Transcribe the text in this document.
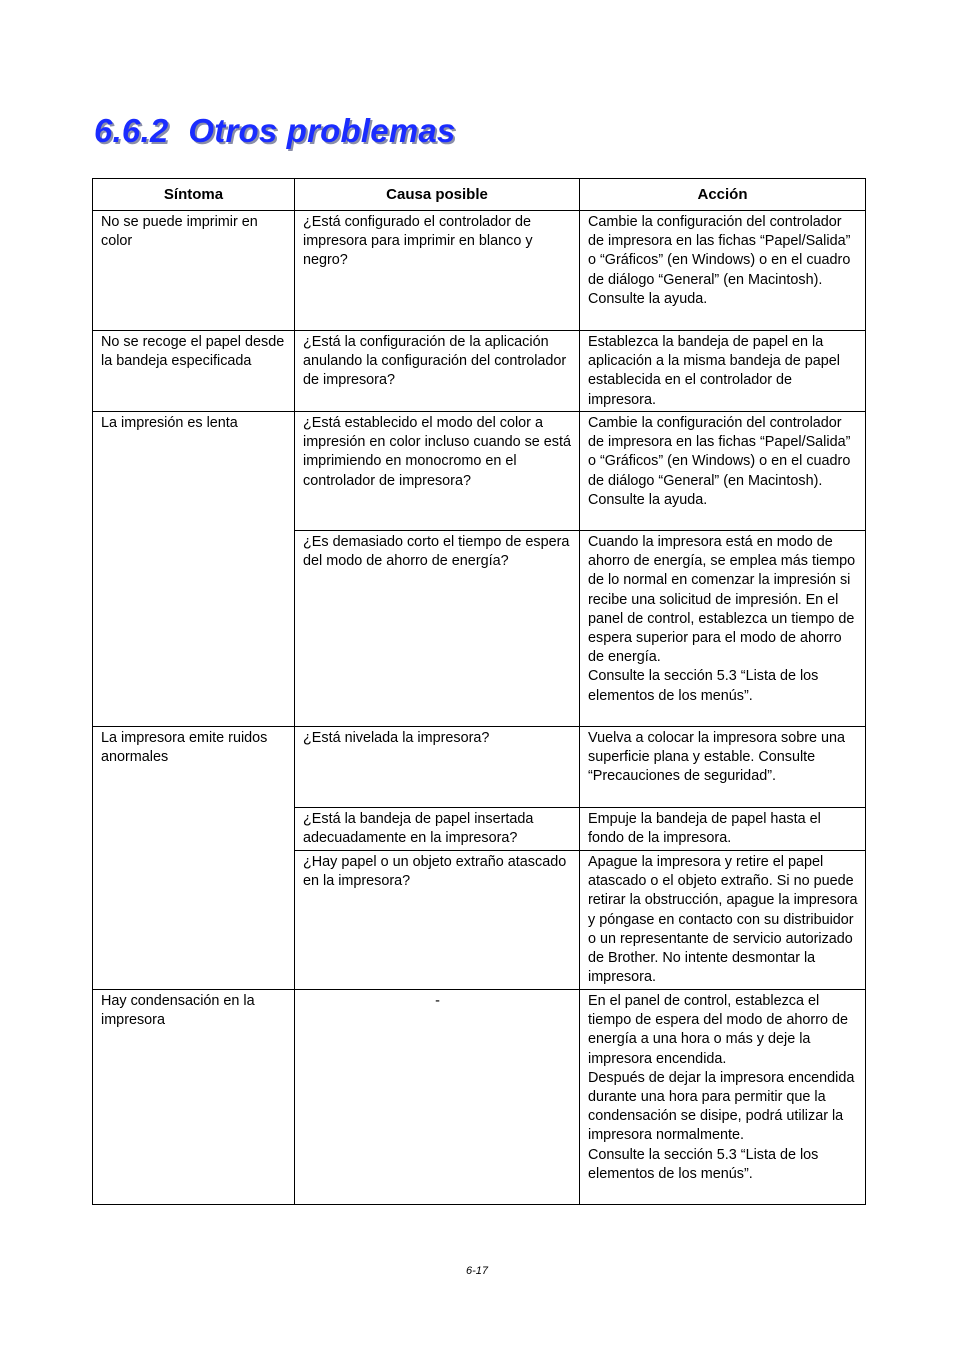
6.6.2 Otros problemas
Síntoma	Causa posible	Acción
No se puede imprimir en color	¿Está configurado el controlador de impresora para imprimir en blanco y negro?	Cambie la configuración del controlador de impresora en las fichas “Papel/Salida” o “Gráficos” (en Windows) o en el cuadro de diálogo “General” (en Macintosh).
Consulte la ayuda.

No se recoge el papel desde la bandeja especificada	¿Está la configuración de la aplicación anulando la configuración del controlador de impresora?	Establezca la bandeja de papel en la aplicación a la misma bandeja de papel establecida en el controlador de impresora.

La impresión es lenta	¿Está establecido el modo del color a impresión en color incluso cuando se está imprimiendo en monocromo en el controlador de impresora?	Cambie la configuración del controlador de impresora en las fichas “Papel/Salida” o “Gráficos” (en Windows) o en el cuadro de diálogo “General” (en Macintosh).
Consulte la ayuda.

	¿Es demasiado corto el tiempo de espera del modo de ahorro de energía?	Cuando la impresora está en modo de ahorro de energía, se emplea más tiempo de lo normal en comenzar la impresión si recibe una solicitud de impresión. En el panel de control, establezca un tiempo de espera superior para el modo de ahorro de energía.
Consulte la sección 5.3 “Lista de los elementos de los menús”.

La impresora emite ruidos anormales	¿Está nivelada la impresora?	Vuelva a colocar la impresora sobre una superficie plana y estable. Consulte “Precauciones de seguridad”.

	¿Está la bandeja de papel insertada adecuadamente en la impresora?	Empuje la bandeja de papel hasta el fondo de la impresora.

	¿Hay papel o un objeto extraño atascado en la impresora?	Apague la impresora y retire el papel atascado o el objeto extraño. Si no puede retirar la obstrucción, apague la impresora y póngase en contacto con su distribuidor o un representante de servicio autorizado de Brother. No intente desmontar la impresora.

Hay condensación en la impresora	-	En el panel de control, establezca el tiempo de espera del modo de ahorro de energía a una hora o más y deje la impresora encendida.
Después de dejar la impresora encendida durante una hora para permitir que la condensación se disipe, podrá utilizar la impresora normalmente.
Consulte la sección 5.3 “Lista de los elementos de los menús”.
6-17
